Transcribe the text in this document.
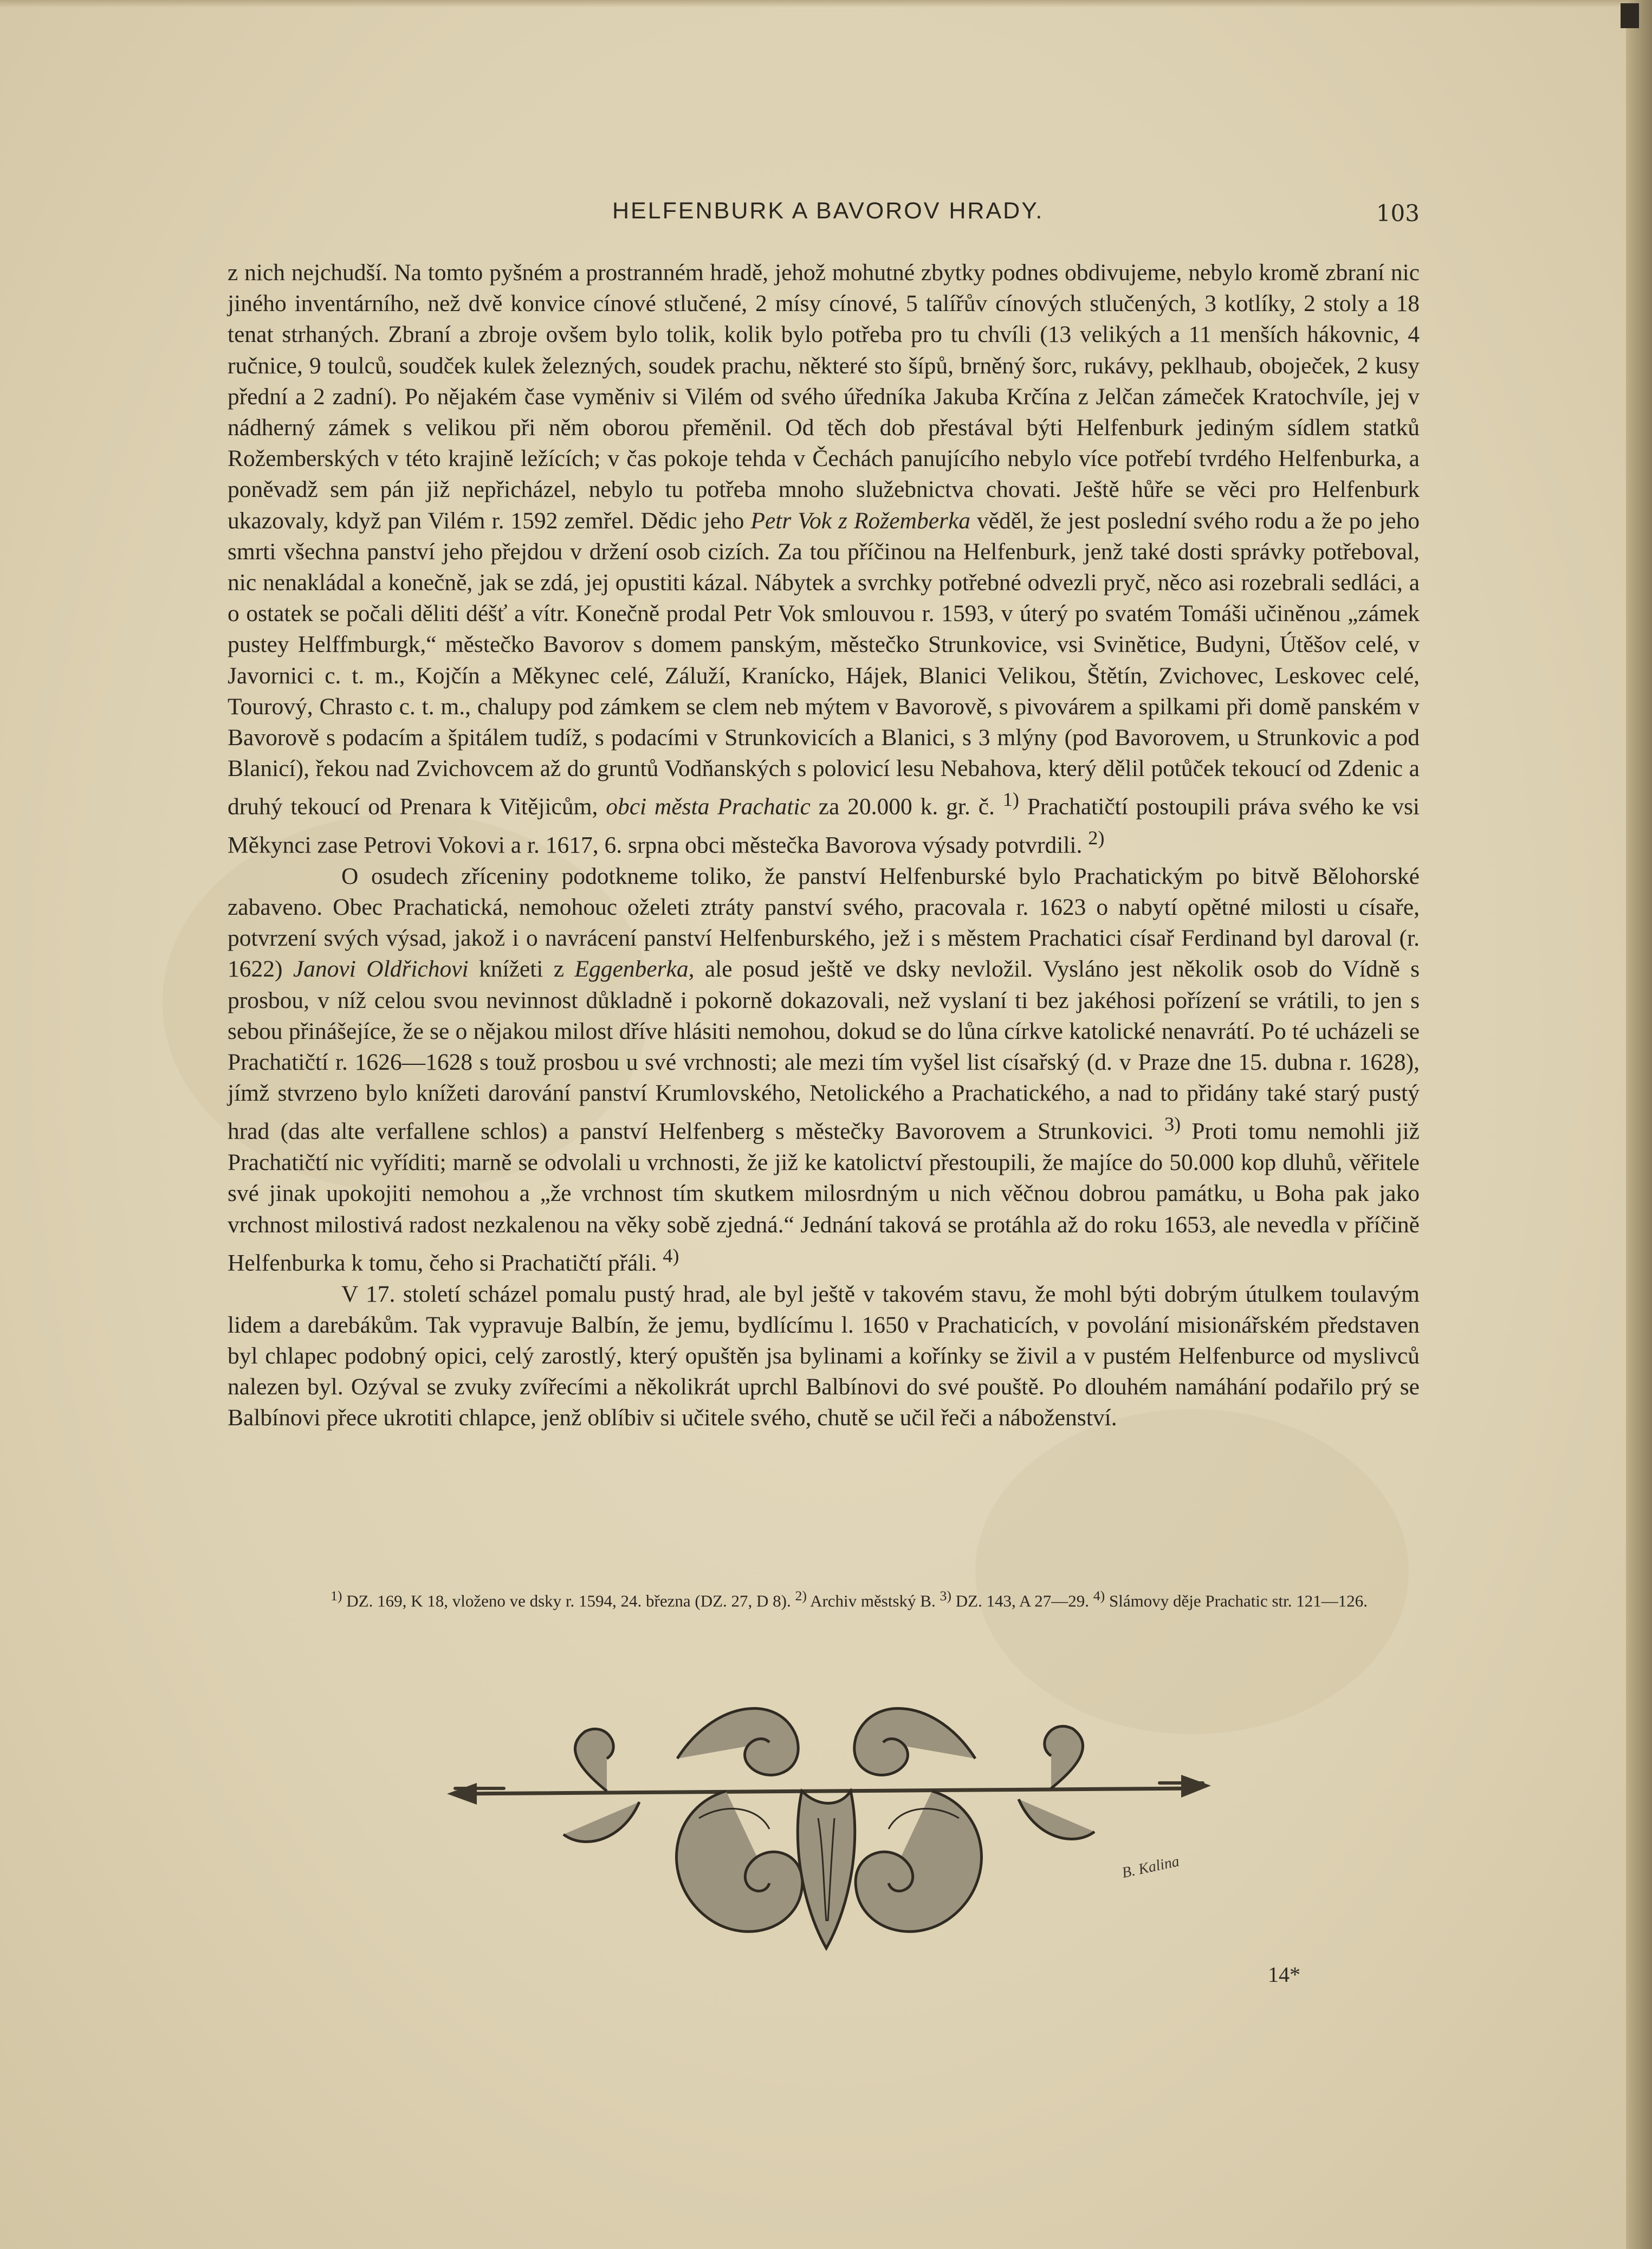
HELFENBURK A BAVOROV HRADY.	103

z nich nejchudší. Na tomto pyšném a prostranném hradě, jehož mohutné zbytky podnes obdivujeme, nebylo kromě zbraní nic jiného inventárního, než dvě konvice cínové stlučené, 2 mísy cínové, 5 talířův cínových stlučených, 3 kotlíky, 2 stoly a 18 tenat strhaných. Zbraní a zbroje ovšem bylo tolik, kolik bylo potřeba pro tu chvíli (13 velikých a 11 menších hákovnic, 4 ručnice, 9 toulců, soudček kulek železných, soudek prachu, některé sto šípů, brněný šorc, rukávy, peklhaub, oboječek, 2 kusy přední a 2 zadní). Po nějakém čase vyměniv si Vilém od svého úředníka Jakuba Krčína z Jelčan zámeček Kratochvíle, jej v nádherný zámek s velikou při něm oborou přeměnil. Od těch dob přestával býti Helfenburk jediným sídlem statků Rožemberských v této krajině ležících; v čas pokoje tehda v Čechách panujícího nebylo více potřebí tvrdého Helfenburka, a poněvadž sem pán již nepřicházel, nebylo tu potřeba mnoho služebnictva chovati. Ještě hůře se věci pro Helfenburk ukazovaly, když pan Vilém r. 1592 zemřel. Dědic jeho Petr Vok z Rožemberka věděl, že jest poslední svého rodu a že po jeho smrti všechna panství jeho přejdou v držení osob cizích. Za tou příčinou na Helfenburk, jenž také dosti správky potřeboval, nic nenakládal a konečně, jak se zdá, jej opustiti kázal. Nábytek a svrchky potřebné odvezli pryč, něco asi rozebrali sedláci, a o ostatek se počali děliti déšť a vítr. Konečně prodal Petr Vok smlouvou r. 1593, v úterý po svatém Tomáši učiněnou „zámek pustey Helffmburgk,“ městečko Bavorov s domem panským, městečko Strunkovice, vsi Svinětice, Budyni, Útěšov celé, v Javornici c. t. m., Kojčín a Měkynec celé, Záluží, Kranícko, Hájek, Blanici Velikou, Štětín, Zvichovec, Leskovec celé, Tourový, Chrasto c. t. m., chalupy pod zámkem se clem neb mýtem v Bavorově, s pivovárem a spilkami při domě panském v Bavorově s podacím a špitálem tudíž, s podacími v Strunkovicích a Blanici, s 3 mlýny (pod Bavorovem, u Strunkovic a pod Blanicí), řekou nad Zvichovcem až do gruntů Vodňanských s polovicí lesu Nebahova, který dělil potůček tekoucí od Zdenic a druhý tekoucí od Prenara k Vitějicům, obci města Prachatic za 20.000 k. gr. č. $^{1)}$ Prachatičtí postoupili práva svého ke vsi Měkynci zase Petrovi Vokovi a r. 1617, 6. srpna obci městečka Bavorova výsady potvrdili. $^{2)}$

O osudech zříceniny podotkneme toliko, že panství Helfenburské bylo Prachatickým po bitvě Bělohorské zabaveno. Obec Prachatická, nemohouc oželeti ztráty panství svého, pracovala r. 1623 o nabytí opětné milosti u císaře, potvrzení svých výsad, jakož i o navrácení panství Helfenburského, jež i s městem Prachatici císař Ferdinand byl daroval (r. 1622) Janovi Oldřichovi knížeti z Eggenberka, ale posud ještě ve dsky nevložil. Vysláno jest několik osob do Vídně s prosbou, v níž celou svou nevinnost důkladně i pokorně dokazovali, než vyslaní ti bez jakéhosi pořízení se vrátili, to jen s sebou přinášejíce, že se o nějakou milost dříve hlásiti nemohou, dokud se do lůna církve katolické nenavrátí. Po té ucházeli se Prachatičtí r. 1626—1628 s touž prosbou u své vrchnosti; ale mezi tím vyšel list císařský (d. v Praze dne 15. dubna r. 1628), jímž stvrzeno bylo knížeti darování panství Krumlovského, Netolického a Prachatického, a nad to přidány také starý pustý hrad (das alte verfallene schlos) a panství Helfenberg s městečky Bavorovem a Strunkovici. $^{3)}$ Proti tomu nemohli již Prachatičtí nic vyříditi; marně se odvolali u vrchnosti, že již ke katolictví přestoupili, že majíce do 50.000 kop dluhů, věřitele své jinak upokojiti nemohou a „že vrchnost tím skutkem milosrdným u nich věčnou dobrou památku, u Boha pak jako vrchnost milostivá radost nezkalenou na věky sobě zjedná.“ Jednání taková se protáhla až do roku 1653, ale nevedla v příčině Helfenburka k tomu, čeho si Prachatičtí přáli. $^{4)}$

V 17. století scházel pomalu pustý hrad, ale byl ještě v takovém stavu, že mohl býti dobrým útulkem toulavým lidem a darebákům. Tak vypravuje Balbín, že jemu, bydlícímu l. 1650 v Prachaticích, v povolání misionářském představen byl chlapec podobný opici, celý zarostlý, který opuštěn jsa bylinami a kořínky se živil a v pustém Helfenburce od myslivců nalezen byl. Ozýval se zvuky zvířecími a několikrát uprchl Balbínovi do své pouště. Po dlouhém namáhání podařilo prý se Balbínovi přece ukrotiti chlapce, jenž oblíbiv si učitele svého, chutě se učil řeči a náboženství.

$^{1)}$ DZ. 169, K 18, vloženo ve dsky r. 1594, 24. března (DZ. 27, D 8). $^{2)}$ Archiv městský B. $^{3)}$ DZ. 143, A 27—29. $^{4)}$ Slámovy děje Prachatic str. 121—126.

B. Kalina
14*
